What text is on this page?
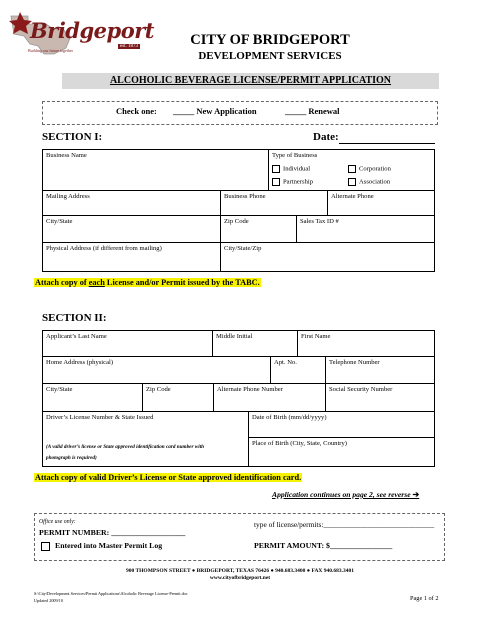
Bridgeport
est. 1873
Building our future together
CITY OF BRIDGEPORT
DEVELOPMENT SERVICES
ALCOHOLIC BEVERAGE LICENSE/PERMIT APPLICATION
Check one: _____ New Application	_____ Renewal
SECTION I:	Date:
Business Name	Type of Business
Individual	Corporation
Partnership	Association
Mailing Address	Business Phone	Alternate Phone
City/State	Zip Code	Sales Tax ID #
Physical Address (if different from mailing)	City/State/Zip
Attach copy of each License and/or Permit issued by the TABC.
SECTION II:
Applicant’s Last Name	Middle Initial	First Name
Home Address (physical)	Apt. No.	Telephone Number
City/State	Zip Code	Alternate Phone Number	Social Security Number
Driver’s License Number & State Issued
(A valid driver’s license or State approved identification card number with
photograph is required)
Date of Birth (mm/dd/yyyy)
Place of Birth (City, State, Country)
Attach copy of valid Driver’s License or State approved identification card.
Application continues on page 2, see reverse ➔
Office use only:
PERMIT NUMBER: ___________________
Entered into Master Permit Log
type of license/permits:______________________________
PERMIT AMOUNT: $________________
900 THOMPSON STREET ● BRIDGEPORT, TEXAS 76426 ● 940.683.3400 ● FAX 940.683.3401
www.cityofbridgeport.net
S:\City\Development Services\Permit Applications\Alcoholic Beverage License-Permit.doc
Updated 2009/10	Page 1 of 2
